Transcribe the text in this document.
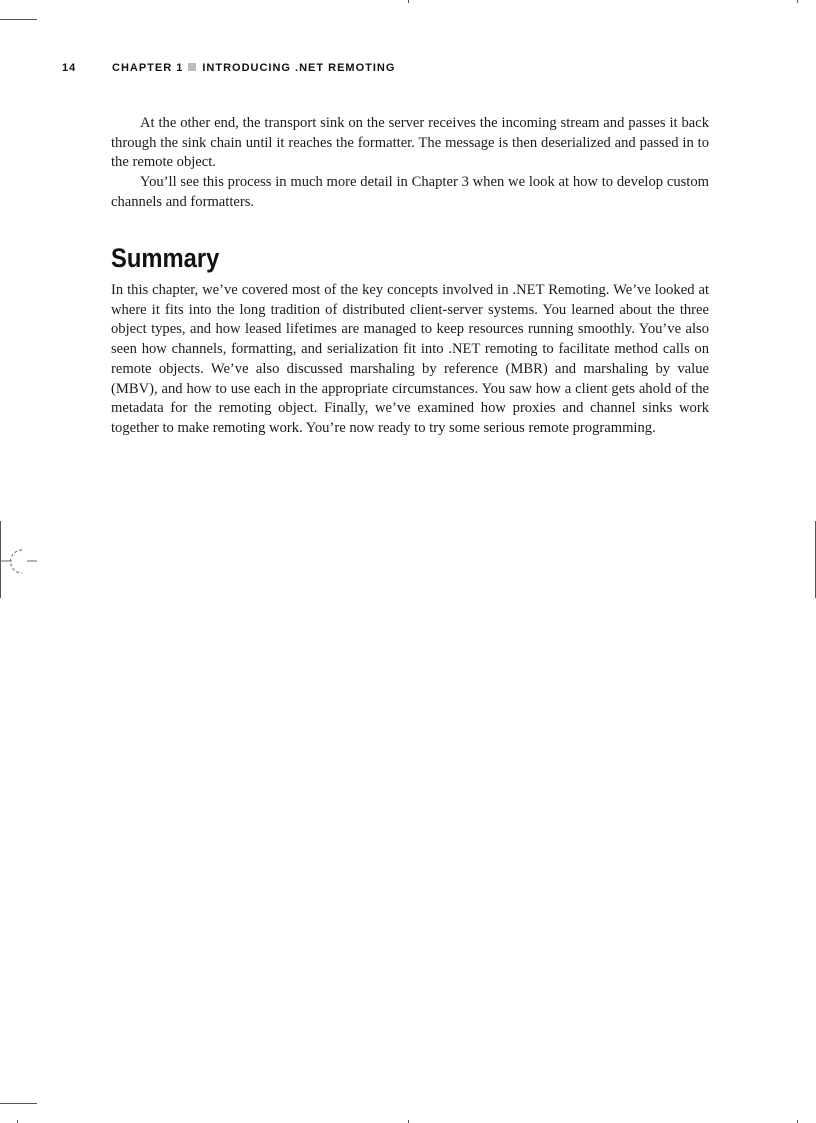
14	CHAPTER 1 INTRODUCING .NET REMOTING

At the other end, the transport sink on the server receives the incoming stream and passes it back through the sink chain until it reaches the formatter. The message is then deserialized and passed in to the remote object.

You’ll see this process in much more detail in Chapter 3 when we look at how to develop custom channels and formatters.

Summary

In this chapter, we’ve covered most of the key concepts involved in .NET Remoting. We’ve looked at where it fits into the long tradition of distributed client-server systems. You learned about the three object types, and how leased lifetimes are managed to keep resources running smoothly. You’ve also seen how channels, formatting, and serialization fit into .NET remoting to facilitate method calls on remote objects. We’ve also discussed marshaling by reference (MBR) and marshaling by value (MBV), and how to use each in the appropriate circumstances. You saw how a client gets ahold of the metadata for the remoting object. Finally, we’ve examined how proxies and channel sinks work together to make remoting work. You’re now ready to try some serious remote programming.
